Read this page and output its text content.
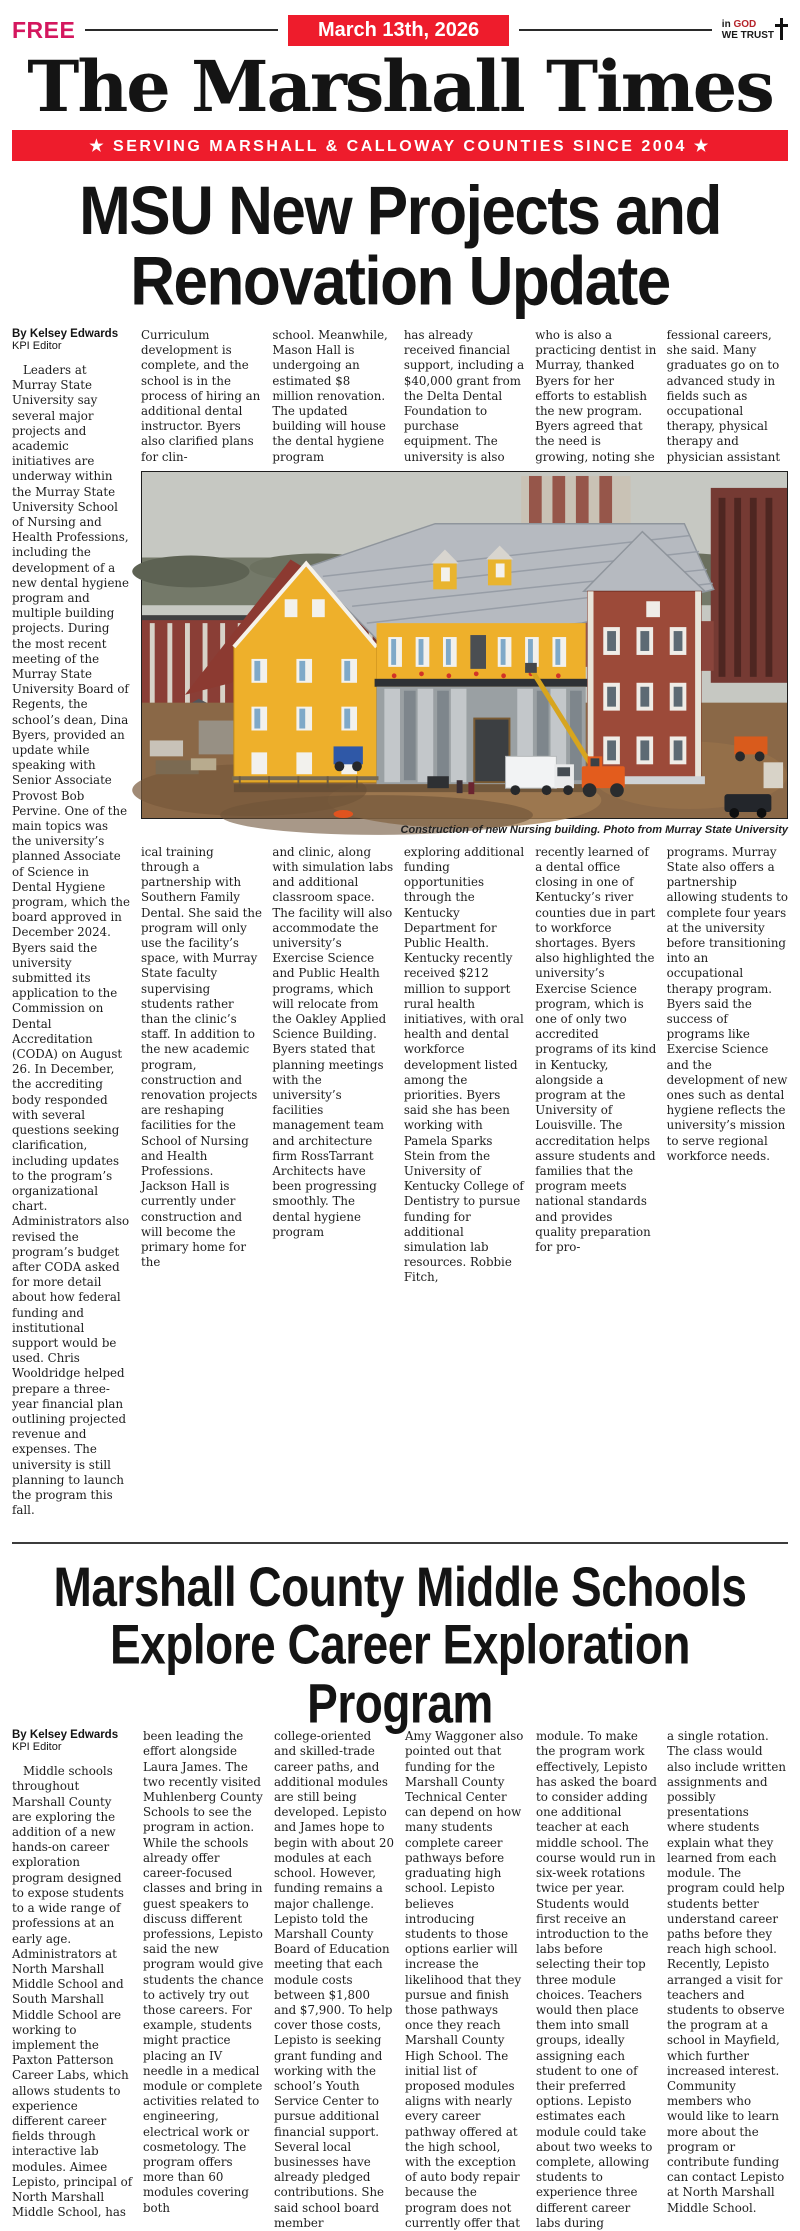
FREE	March 13th, 2026	in GOD
WE TRUST
The Marshall Times
★ SERVING MARSHALL & CALLOWAY COUNTIES SINCE 2004 ★
MSU New Projects and
Renovation Update
By Kelsey Edwards
KPI Editor

Leaders at Murray State University say several major projects and academic initiatives are underway within the Murray State University School of Nursing and Health Professions, including the development of a new dental hygiene program and multiple building projects. During the most recent meeting of the Murray State University Board of Regents, the school’s dean, Dina Byers, provided an update while speaking with Senior Associate Provost Bob Pervine. One of the main topics was the university’s planned Associate of Science in Dental Hygiene program, which the board approved in December 2024. Byers said the university submitted its application to the Commission on Dental Accreditation (CODA) on August 26. In December, the accrediting body responded with several questions seeking clarification, including updates to the program’s organizational chart. Administrators also revised the program’s budget after CODA asked for more detail about how federal funding and institutional support would be used. Chris Wooldridge helped prepare a three-year financial plan outlining projected revenue and expenses. The university is still planning to launch the program this fall.

Curriculum development is complete, and the school is in the process of hiring an additional dental instructor. Byers also clarified plans for clin-

school. Meanwhile, Mason Hall is undergoing an estimated $8 million renovation. The updated building will house the dental hygiene program

has already received financial support, including a $40,000 grant from the Delta Dental Foundation to purchase equipment. The university is also

who is also a practicing dentist in Murray, thanked Byers for her efforts to establish the new program. Byers agreed that the need is growing, noting she

fessional careers, she said. Many graduates go on to advanced study in fields such as occupational therapy, physical therapy and physician assistant

Construction of new Nursing building. Photo from Murray State University

ical training through a partnership with Southern Family Dental. She said the program will only use the facility’s space, with Murray State faculty supervising students rather than the clinic’s staff. In addition to the new academic program, construction and renovation projects are reshaping facilities for the School of Nursing and Health Professions. Jackson Hall is currently under construction and will become the primary home for the

and clinic, along with simulation labs and additional classroom space. The facility will also accommodate the university’s Exercise Science and Public Health programs, which will relocate from the Oakley Applied Science Building. Byers stated that planning meetings with the university’s facilities management team and architecture firm RossTarrant Architects have been progressing smoothly. The dental hygiene program

exploring additional funding opportunities through the Kentucky Department for Public Health. Kentucky recently received $212 million to support rural health initiatives, with oral health and dental workforce development listed among the priorities. Byers said she has been working with Pamela Sparks Stein from the University of Kentucky College of Dentistry to pursue funding for additional simulation lab resources. Robbie Fitch,

recently learned of a dental office closing in one of Kentucky’s river counties due in part to workforce shortages. Byers also highlighted the university’s Exercise Science program, which is one of only two accredited programs of its kind in Kentucky, alongside a program at the University of Louisville. The accreditation helps assure students and families that the program meets national standards and provides quality preparation for pro-

programs. Murray State also offers a partnership allowing students to complete four years at the university before transitioning into an occupational therapy program. Byers said the success of programs like Exercise Science and the development of new ones such as dental hygiene reflects the university’s mission to serve regional workforce needs.

Marshall County Middle Schools
Explore Career Exploration Program
By Kelsey Edwards
KPI Editor

Middle schools throughout Marshall County are exploring the addition of a new hands-on career exploration program designed to expose students to a wide range of professions at an early age. Administrators at North Marshall Middle School and South Marshall Middle School are working to implement the Paxton Patterson Career Labs, which allows students to experience different career fields through interactive lab modules. Aimee Lepisto, principal of North Marshall Middle School, has

been leading the effort alongside Laura James. The two recently visited Muhlenberg County Schools to see the program in action. While the schools already offer career-focused classes and bring in guest speakers to discuss different professions, Lepisto said the new program would give students the chance to actively try out those careers. For example, students might practice placing an IV needle in a medical module or complete activities related to engineering, electrical work or cosmetology. The program offers more than 60 modules covering both

college-oriented and skilled-trade career paths, and additional modules are still being developed. Lepisto and James hope to begin with about 20 modules at each school. However, funding remains a major challenge. Lepisto told the Marshall County Board of Education meeting that each module costs between $1,800 and $7,900. To help cover those costs, Lepisto is seeking grant funding and working with the school’s Youth Service Center to pursue additional financial support. Several local businesses have already pledged contributions. She said school board member

Amy Waggoner also pointed out that funding for the Marshall County Technical Center can depend on how many students complete career pathways before graduating high school. Lepisto believes introducing students to those options earlier will increase the likelihood that they pursue and finish those pathways once they reach Marshall County High School. The initial list of proposed modules aligns with nearly every career pathway offered at the high school, with the exception of auto body repair because the program does not currently offer that

module. To make the program work effectively, Lepisto has asked the board to consider adding one additional teacher at each middle school. The course would run in six-week rotations twice per year. Students would first receive an introduction to the labs before selecting their top three module choices. Teachers would then place them into small groups, ideally assigning each student to one of their preferred options. Lepisto estimates each module could take about two weeks to complete, allowing students to experience three different career labs during

a single rotation. The class would also include written assignments and possibly presentations where students explain what they learned from each module. The program could help students better understand career paths before they reach high school. Recently, Lepisto arranged a visit for teachers and students to observe the program at a school in Mayfield, which further increased interest. Community members who would like to learn more about the program or contribute funding can contact Lepisto at North Marshall Middle School.
